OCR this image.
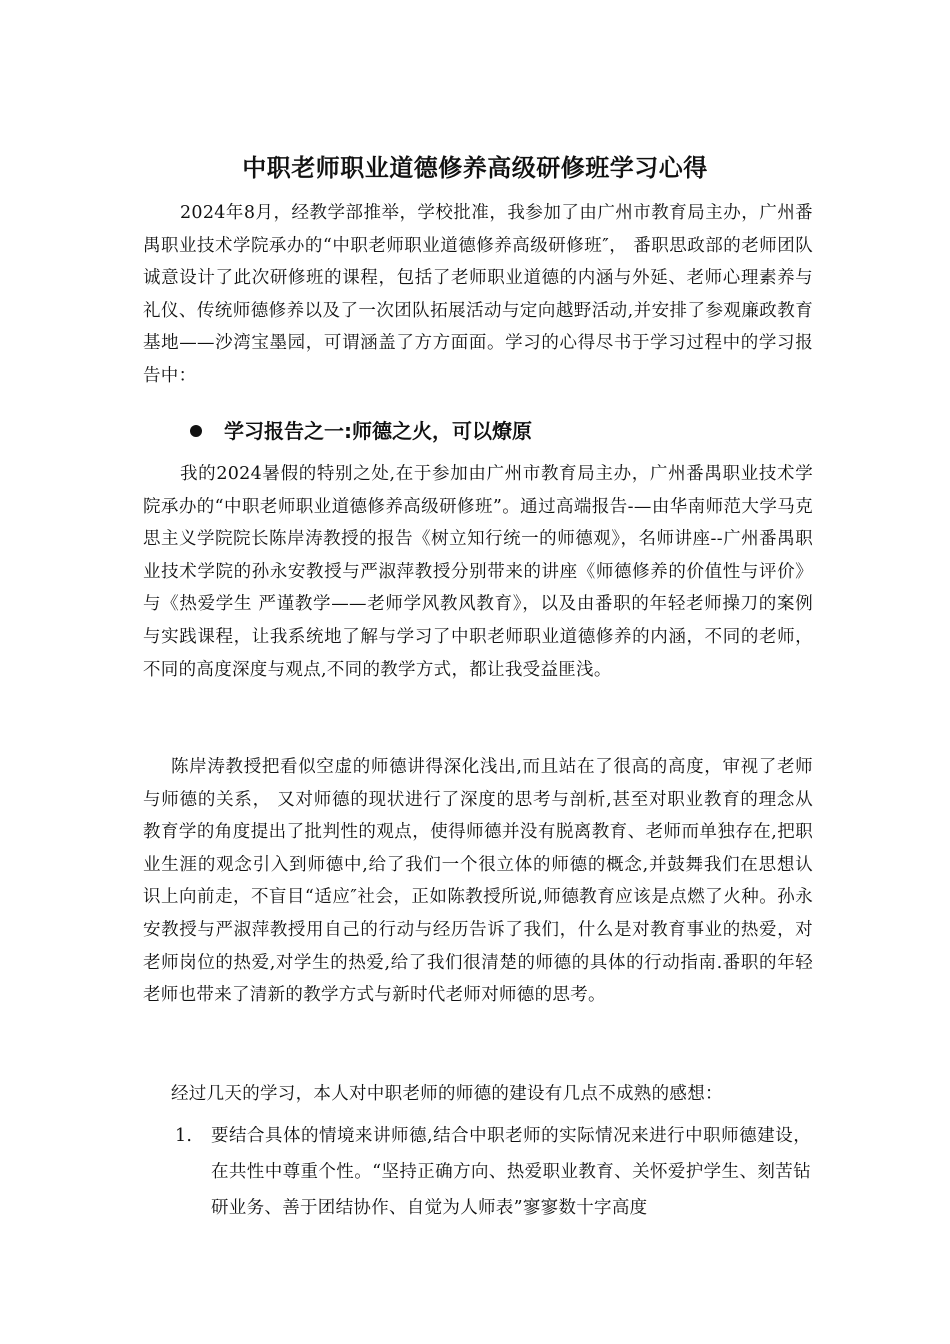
中职老师职业道德修养高级研修班学习心得
2024年8月，经教学部推举，学校批准，我参加了由广州市教育局主办，广州番禺职业技术学院承办的“中职老师职业道德修养高级研修班″， 番职思政部的老师团队诚意设计了此次研修班的课程，包括了老师职业道德的内涵与外延、老师心理素养与礼仪、传统师德修养以及了一次团队拓展活动与定向越野活动,并安排了参观廉政教育基地——沙湾宝墨园，可谓涵盖了方方面面。学习的心得尽书于学习过程中的学习报告中：
学习报告之一:师德之火，可以燎原
我的2024暑假的特别之处,在于参加由广州市教育局主办，广州番禺职业技术学院承办的“中职老师职业道德修养高级研修班”。通过高端报告-—由华南师范大学马克思主义学院院长陈岸涛教授的报告《树立知行统一的师德观》，名师讲座--广州番禺职业技术学院的孙永安教授与严淑萍教授分别带来的讲座《师德修养的价值性与评价》与《热爱学生 严谨教学——老师学风教风教育》，以及由番职的年轻老师操刀的案例与实践课程，让我系统地了解与学习了中职老师职业道德修养的内涵，不同的老师，不同的高度深度与观点,不同的教学方式，都让我受益匪浅。
陈岸涛教授把看似空虚的师德讲得深化浅出,而且站在了很高的高度，审视了老师与师德的关系， 又对师德的现状进行了深度的思考与剖析,甚至对职业教育的理念从教育学的角度提出了批判性的观点，使得师德并没有脱离教育、老师而单独存在,把职业生涯的观念引入到师德中,给了我们一个很立体的师德的概念,并鼓舞我们在思想认识上向前走，不盲目“适应″社会，正如陈教授所说,师德教育应该是点燃了火种。孙永安教授与严淑萍教授用自己的行动与经历告诉了我们，什么是对教育事业的热爱，对老师岗位的热爱,对学生的热爱,给了我们很清楚的师德的具体的行动指南.番职的年轻老师也带来了清新的教学方式与新时代老师对师德的思考。
经过几天的学习，本人对中职老师的师德的建设有几点不成熟的感想：
1. 要结合具体的情境来讲师德,结合中职老师的实际情况来进行中职师德建设，在共性中尊重个性。“坚持正确方向、热爱职业教育、关怀爱护学生、刻苦钻研业务、善于团结协作、自觉为人师表”寥寥数十字高度
